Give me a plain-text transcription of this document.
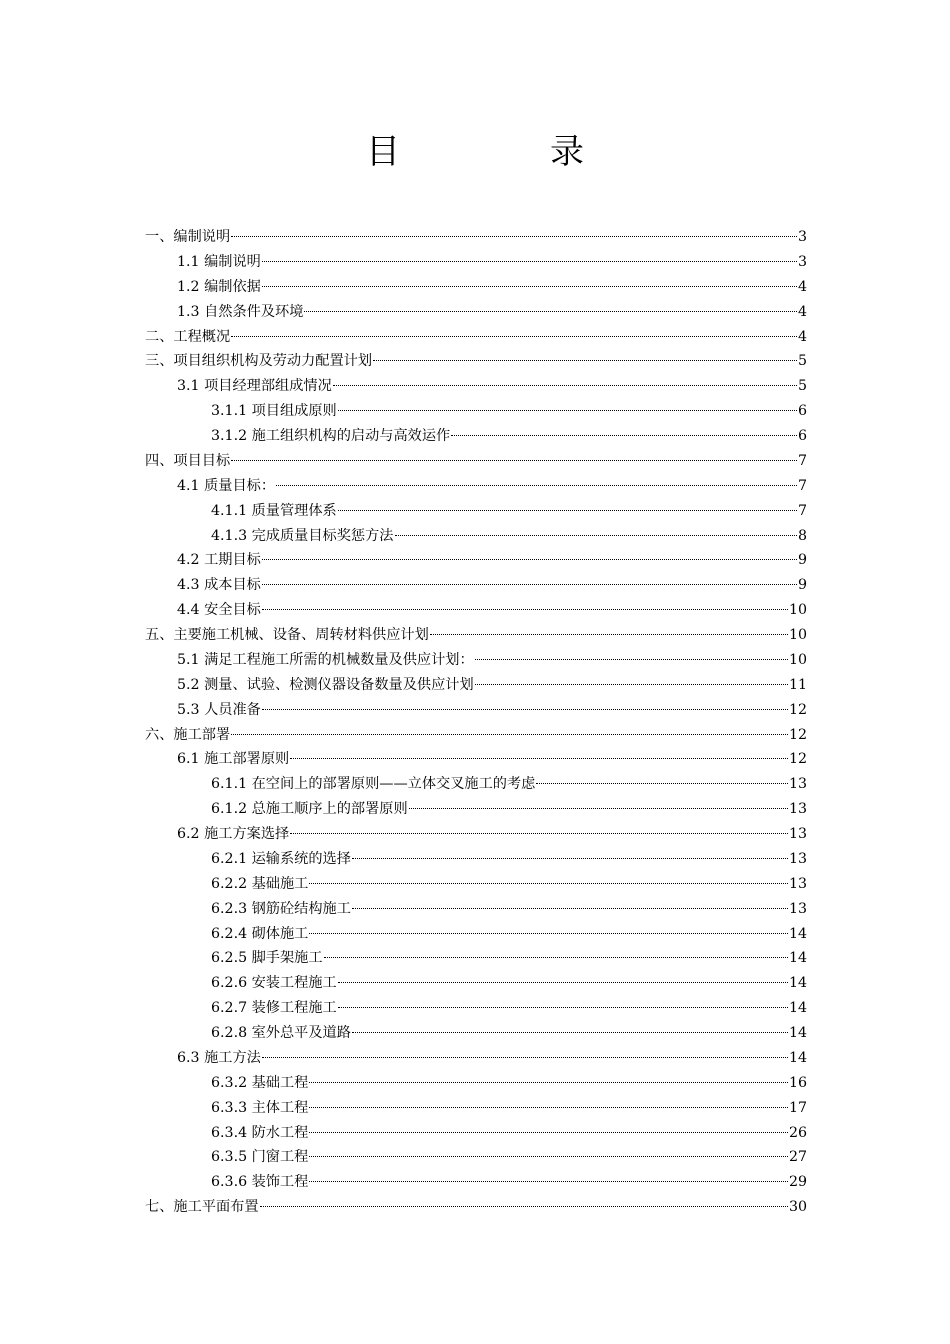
目　录
一、编制说明	3
1.1 编制说明	3
1.2 编制依据	4
1.3 自然条件及环境	4
二、工程概况	4
三、项目组织机构及劳动力配置计划	5
3.1 项目经理部组成情况	5
3.1.1 项目组成原则	6
3.1.2 施工组织机构的启动与高效运作	6
四、项目目标	7
4.1 质量目标：	7
4.1.1 质量管理体系	7
4.1.3 完成质量目标奖惩方法	8
4.2 工期目标	9
4.3 成本目标	9
4.4 安全目标	10
五、主要施工机械、设备、周转材料供应计划	10
5.1 满足工程施工所需的机械数量及供应计划：	10
5.2 测量、试验、检测仪器设备数量及供应计划	11
5.3 人员准备	12
六、施工部署	12
6.1 施工部署原则	12
6.1.1 在空间上的部署原则——立体交叉施工的考虑	13
6.1.2 总施工顺序上的部署原则	13
6.2 施工方案选择	13
6.2.1 运输系统的选择	13
6.2.2 基础施工	13
6.2.3 钢筋砼结构施工	13
6.2.4 砌体施工	14
6.2.5 脚手架施工	14
6.2.6 安装工程施工	14
6.2.7 装修工程施工	14
6.2.8 室外总平及道路	14
6.3 施工方法	14
6.3.2 基础工程	16
6.3.3 主体工程	17
6.3.4 防水工程	26
6.3.5 门窗工程	27
6.3.6 装饰工程	29
七、施工平面布置	30
